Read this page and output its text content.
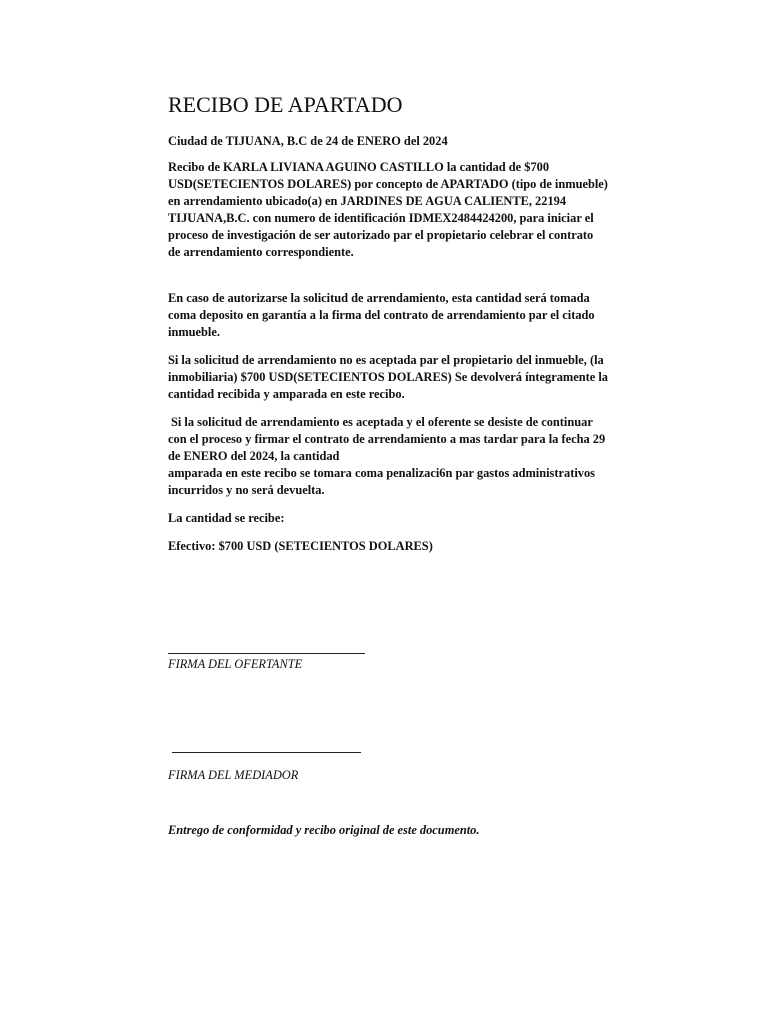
RECIBO DE APARTADO

Ciudad de TIJUANA, B.C de 24 de ENERO del 2024

Recibo de KARLA LIVIANA AGUINO CASTILLO la cantidad de $700 USD(SETECIENTOS DOLARES) por concepto de APARTADO (tipo de inmueble) en arrendamiento ubicado(a) en JARDINES DE AGUA CALIENTE, 22194 TIJUANA,B.C. con numero de identificación IDMEX2484424200, para iniciar el proceso de investigación de ser autorizado par el propietario celebrar el contrato de arrendamiento correspondiente.

En caso de autorizarse la solicitud de arrendamiento, esta cantidad será tomada coma deposito en garantía a la firma del contrato de arrendamiento par el citado inmueble.

Si la solicitud de arrendamiento no es aceptada par el propietario del inmueble, (la inmobiliaria) $700 USD(SETECIENTOS DOLARES) Se devolverá íntegramente la cantidad recibida y amparada en este recibo.

Si la solicitud de arrendamiento es aceptada y el oferente se desiste de continuar con el proceso y firmar el contrato de arrendamiento a mas tardar para la fecha 29 de ENERO del 2024, la cantidad

amparada en este recibo se tomara coma penalizaci6n par gastos administrativos incurridos y no será devuelta.

La cantidad se recibe:

Efectivo: $700 USD (SETECIENTOS DOLARES)

FIRMA DEL OFERTANTE

FIRMA DEL MEDIADOR

Entrego de conformidad y recibo original de este documento.
